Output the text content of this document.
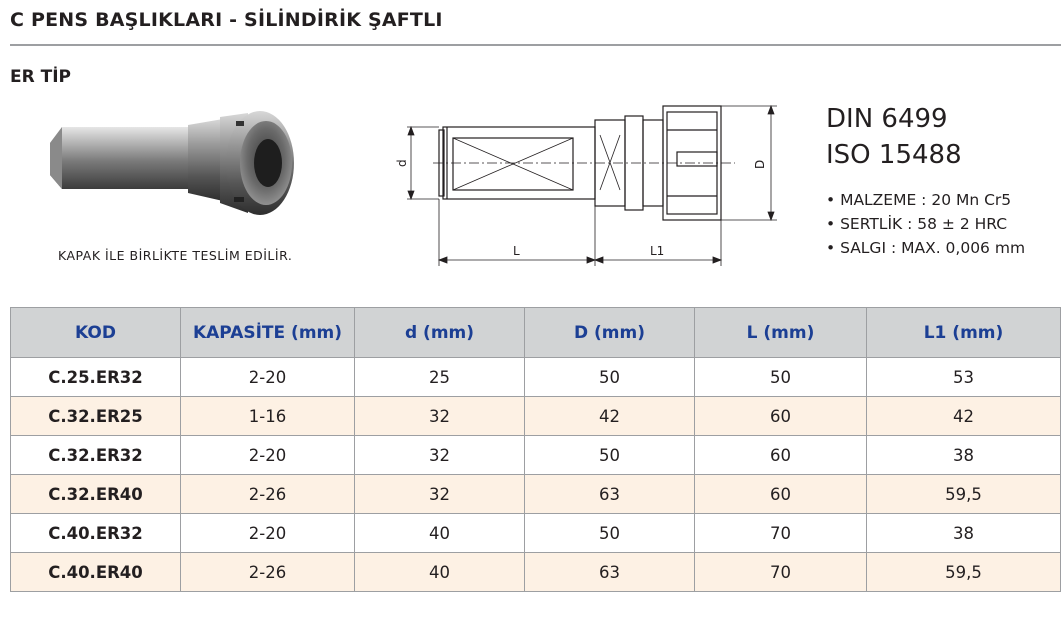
C PENS BAŞLIKLARI - SİLİNDİRİK ŞAFTLI
ER TİP
KAPAK İLE BİRLİKTE TESLİM EDİLİR.
d	D
L	L1
DIN 6499
ISO 15488
• MALZEME : 20 Mn Cr5
• SERTLİK : 58 ± 2 HRC
• SALGI : MAX. 0,006 mm
KOD	KAPASİTE (mm)	d (mm)	D (mm)	L (mm)	L1 (mm)
C.25.ER32	2-20	25	50	50	53
C.32.ER25	1-16	32	42	60	42
C.32.ER32	2-20	32	50	60	38
C.32.ER40	2-26	32	63	60	59,5
C.40.ER32	2-20	40	50	70	38
C.40.ER40	2-26	40	63	70	59,5
